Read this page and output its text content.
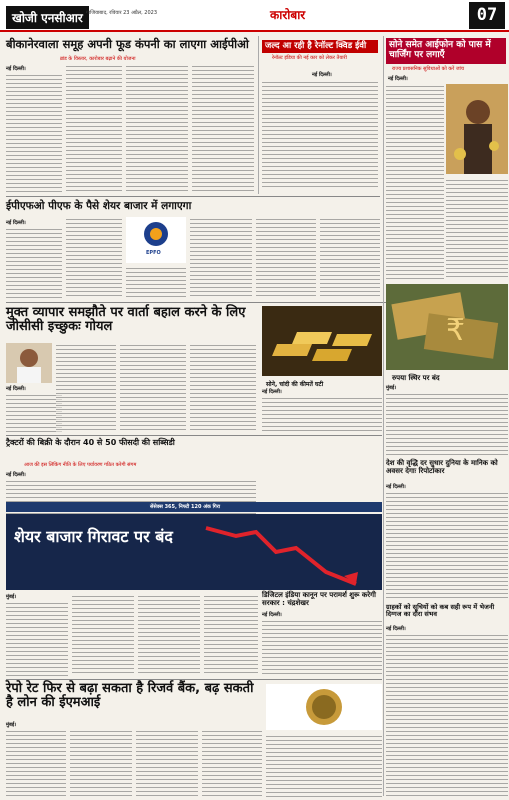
खोजी एनसीआर गाजियाबाद, रविवार 23 अप्रैल, 2023	कारोबार	07
बीकानेरवाला समूह अपनी फूड कंपनी का लाएगा आईपीओ
ब्रांड के विस्तार, कारोबार बढ़ाने की योजना
नई दिल्ली।
जल्द आ रही है रेनॉल्ट क्विड ईवी
रेनॉल्ट इंडिया की नई कार को लेकर तैयारी
नई दिल्ली।
सोने समेत आईफोन को पास में चार्जिंग पर लगाएँ
राज्य प्रशासनिक सुविधाओं को करें जांच
नई दिल्ली।
ईपीएफओ पीएफ के पैसे शेयर बाजार में लगाएगा
नई दिल्ली।
EPFO
मुक्त व्यापार समझौते पर वार्ता बहाल करने के लिए जीसीसी इच्छुकः गोयल
नई दिल्ली।
सोने, चांदी की कीमतें घटी
नई दिल्ली।
₹
रुपया स्थिर पर बंद
मुंबई।
ट्रैक्टरों की बिक्री के दौरान 40 से 50 फीसदी की सब्सिडी
आज की इस लिंकिंग नीति के लिए पर्यावरण गठित करेगी संगम
नई दिल्ली।
सेंसेक्स 365, निफ्टी 120 अंक गिरा
शेयर बाजार गिरावट पर बंद
देश की वृद्धि दर सुधार दुनिया के मानिक को अवसर देगाः रिपोर्टाकार
नई दिल्ली।
मुंबई।	डिजिटल इंडिया कानून पर परामर्श शुरू करेगी सरकार : चंद्रशेखर
नई दिल्ली।
ग्राहकों को सूचियों को कब सही रूप में भेजनी दिग्गज का दौरा संभव
नई दिल्ली।
रेपो रेट फिर से बढ़ा सकता है रिजर्व बैंक, बढ़ सकती है लोन की ईएमआई
मुंबई।
